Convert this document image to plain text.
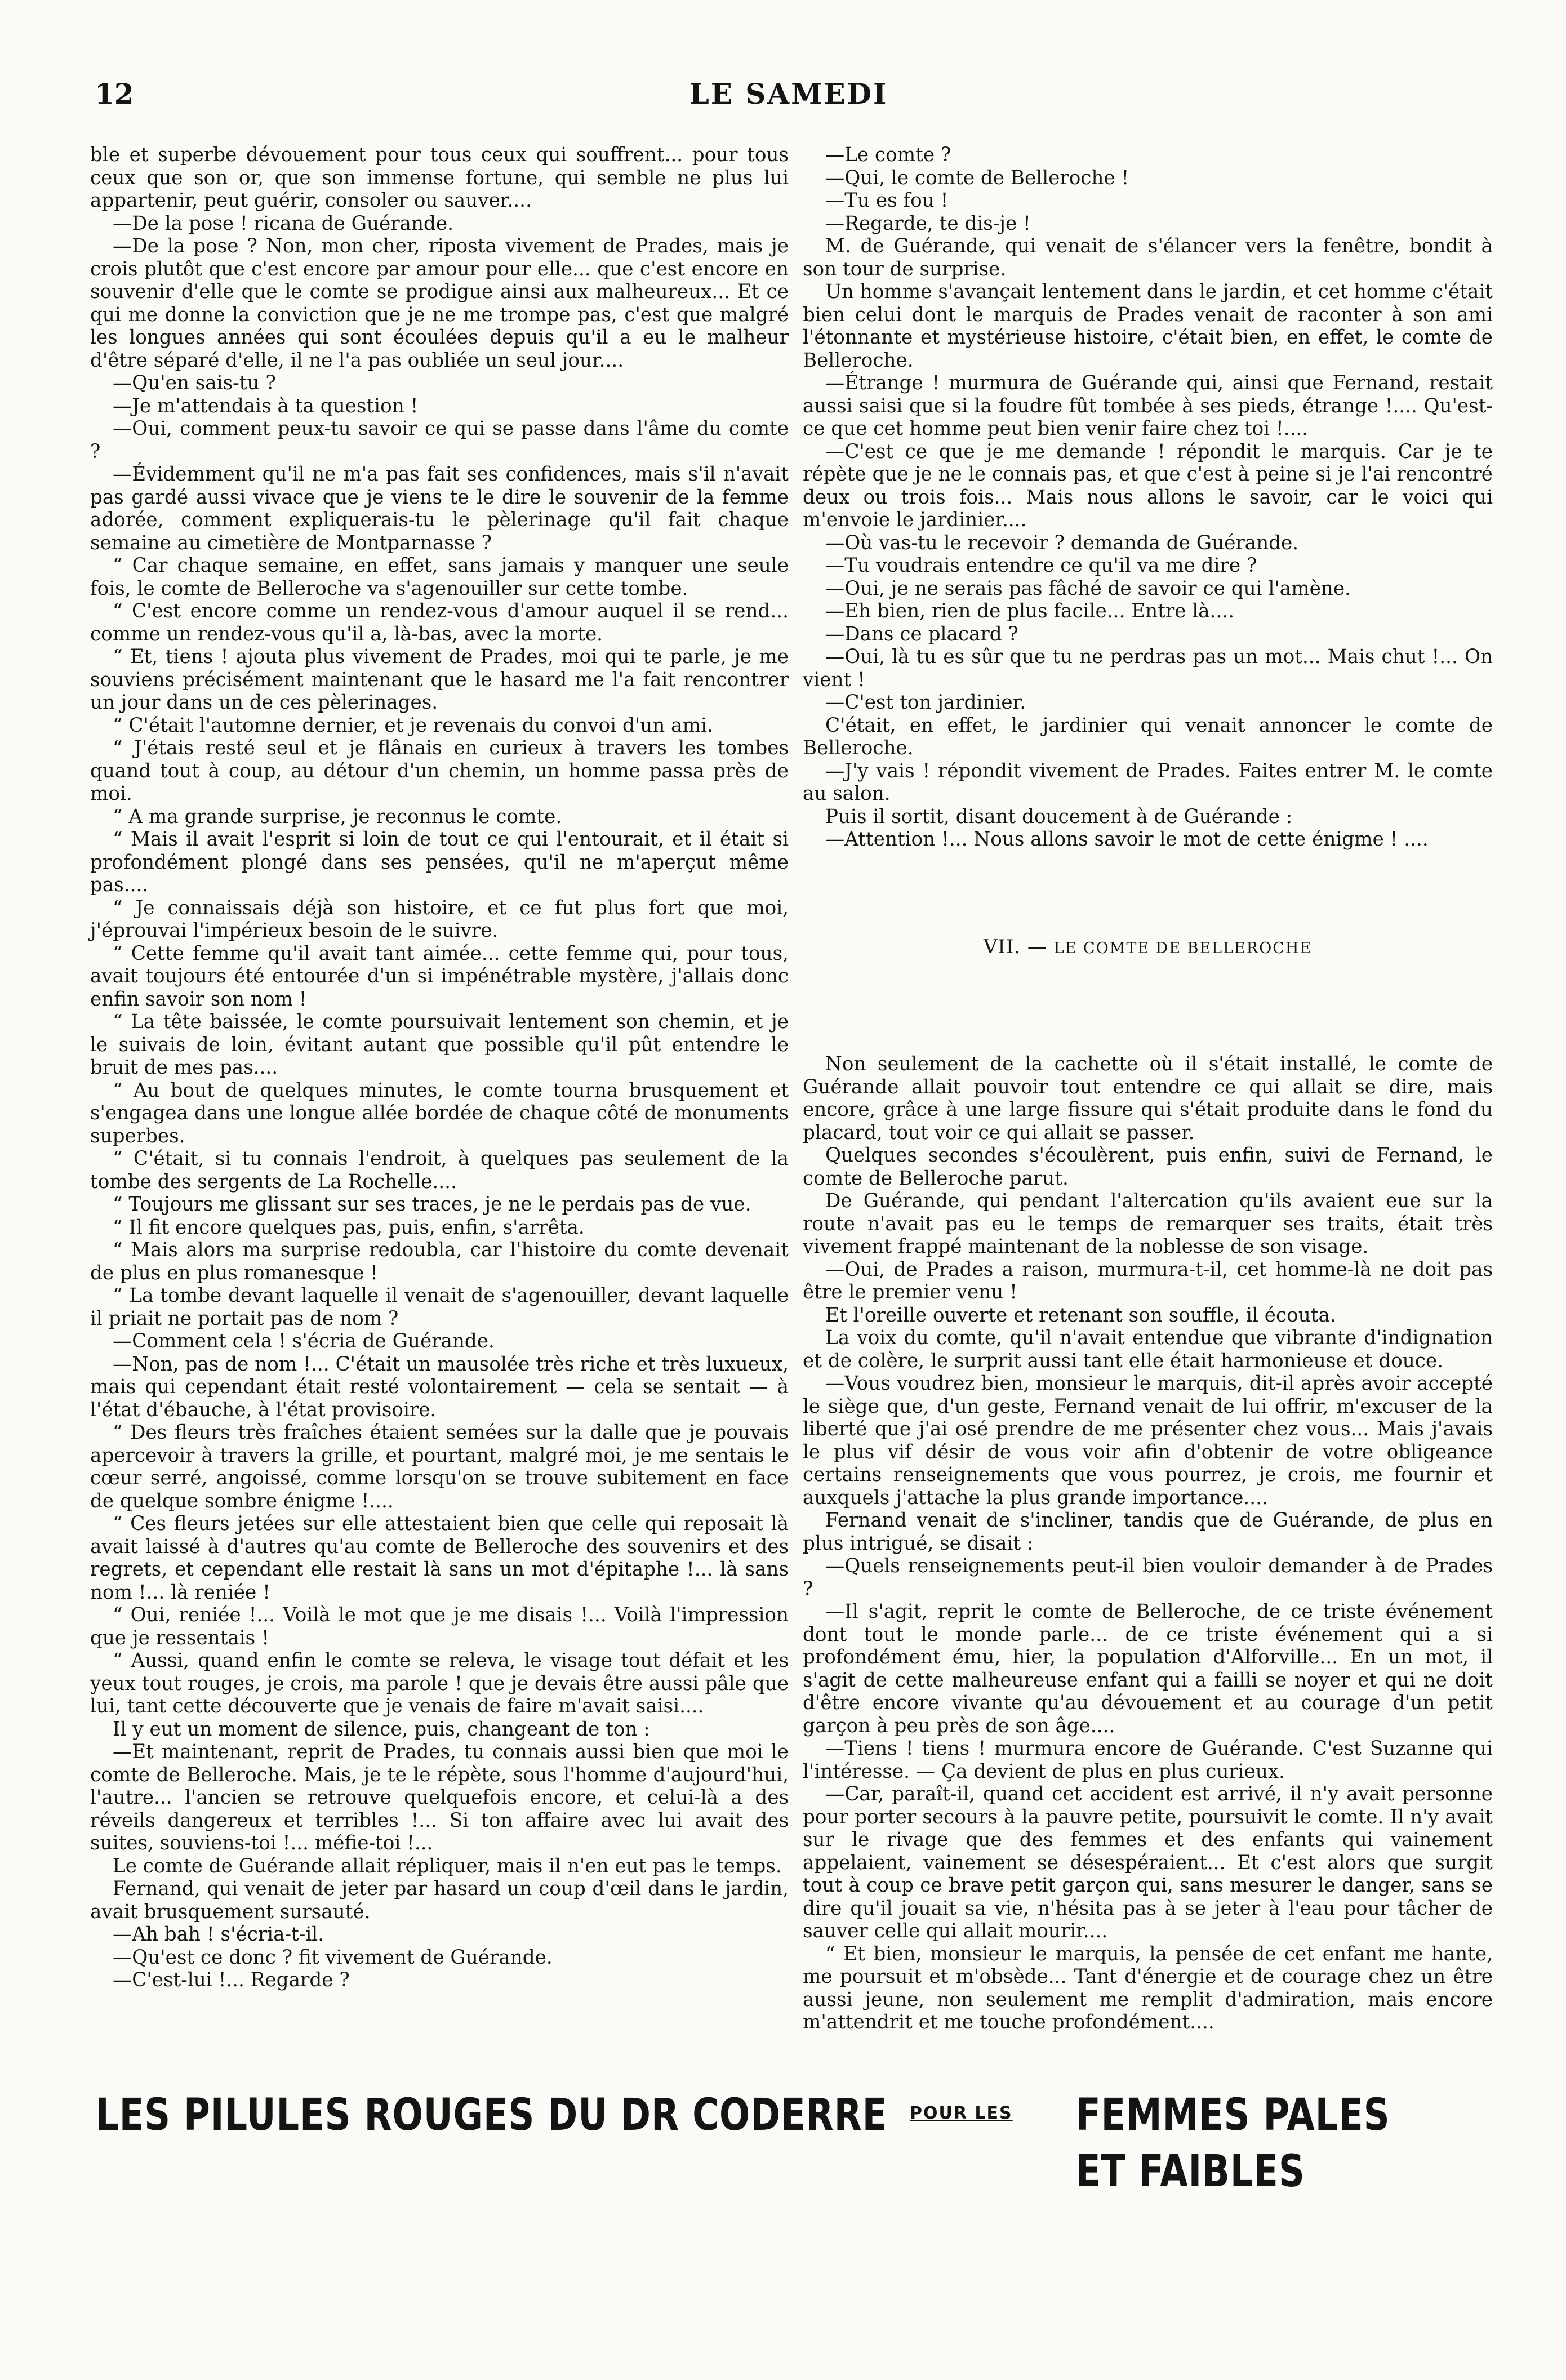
12	LE SAMEDI

ble et superbe dévouement pour tous ceux qui souffrent... pour tous ceux que son or, que son immense fortune, qui semble ne plus lui appartenir, peut guérir, consoler ou sauver....

—De la pose ! ricana de Guérande.

—De la pose ? Non, mon cher, riposta vivement de Prades, mais je crois plutôt que c'est encore par amour pour elle... que c'est encore en souvenir d'elle que le comte se prodigue ainsi aux malheureux... Et ce qui me donne la conviction que je ne me trompe pas, c'est que malgré les longues années qui sont écoulées depuis qu'il a eu le malheur d'être séparé d'elle, il ne l'a pas oubliée un seul jour....

—Qu'en sais-tu ?

—Je m'attendais à ta question !

—Oui, comment peux-tu savoir ce qui se passe dans l'âme du comte ?

—Évidemment qu'il ne m'a pas fait ses confidences, mais s'il n'avait pas gardé aussi vivace que je viens te le dire le souvenir de la femme adorée, comment expliquerais-tu le pèlerinage qu'il fait chaque semaine au cimetière de Montparnasse ?

“ Car chaque semaine, en effet, sans jamais y manquer une seule fois, le comte de Belleroche va s'agenouiller sur cette tombe.

“ C'est encore comme un rendez-vous d'amour auquel il se rend... comme un rendez-vous qu'il a, là-bas, avec la morte.

“ Et, tiens ! ajouta plus vivement de Prades, moi qui te parle, je me souviens précisément maintenant que le hasard me l'a fait rencontrer un jour dans un de ces pèlerinages.

“ C'était l'automne dernier, et je revenais du convoi d'un ami.

“ J'étais resté seul et je flânais en curieux à travers les tombes quand tout à coup, au détour d'un chemin, un homme passa près de moi.

“ A ma grande surprise, je reconnus le comte.

“ Mais il avait l'esprit si loin de tout ce qui l'entourait, et il était si profondément plongé dans ses pensées, qu'il ne m'aperçut même pas....

“ Je connaissais déjà son histoire, et ce fut plus fort que moi, j'éprouvai l'impérieux besoin de le suivre.

“ Cette femme qu'il avait tant aimée... cette femme qui, pour tous, avait toujours été entourée d'un si impénétrable mystère, j'allais donc enfin savoir son nom !

“ La tête baissée, le comte poursuivait lentement son chemin, et je le suivais de loin, évitant autant que possible qu'il pût entendre le bruit de mes pas....

“ Au bout de quelques minutes, le comte tourna brusquement et s'engagea dans une longue allée bordée de chaque côté de monuments superbes.

“ C'était, si tu connais l'endroit, à quelques pas seulement de la tombe des sergents de La Rochelle....

“ Toujours me glissant sur ses traces, je ne le perdais pas de vue.

“ Il fit encore quelques pas, puis, enfin, s'arrêta.

“ Mais alors ma surprise redoubla, car l'histoire du comte devenait de plus en plus romanesque !

“ La tombe devant laquelle il venait de s'agenouiller, devant laquelle il priait ne portait pas de nom ?

—Comment cela ! s'écria de Guérande.

—Non, pas de nom !... C'était un mausolée très riche et très luxueux, mais qui cependant était resté volontairement — cela se sentait — à l'état d'ébauche, à l'état provisoire.

“ Des fleurs très fraîches étaient semées sur la dalle que je pouvais apercevoir à travers la grille, et pourtant, malgré moi, je me sentais le cœur serré, angoissé, comme lorsqu'on se trouve subitement en face de quelque sombre énigme !....

“ Ces fleurs jetées sur elle attestaient bien que celle qui reposait là avait laissé à d'autres qu'au comte de Belleroche des souvenirs et des regrets, et cependant elle restait là sans un mot d'épitaphe !... là sans nom !... là reniée !

“ Oui, reniée !... Voilà le mot que je me disais !... Voilà l'impression que je ressentais !

“ Aussi, quand enfin le comte se releva, le visage tout défait et les yeux tout rouges, je crois, ma parole ! que je devais être aussi pâle que lui, tant cette découverte que je venais de faire m'avait saisi....

Il y eut un moment de silence, puis, changeant de ton :

—Et maintenant, reprit de Prades, tu connais aussi bien que moi le comte de Belleroche. Mais, je te le répète, sous l'homme d'aujourd'hui, l'autre... l'ancien se retrouve quelquefois encore, et celui-là a des réveils dangereux et terribles !... Si ton affaire avec lui avait des suites, souviens-toi !... méfie-toi !...

Le comte de Guérande allait répliquer, mais il n'en eut pas le temps.

Fernand, qui venait de jeter par hasard un coup d'œil dans le jardin, avait brusquement sursauté.

—Ah bah ! s'écria-t-il.

—Qu'est ce donc ? fit vivement de Guérande.

—C'est-lui !... Regarde ?

—Le comte ?

—Qui, le comte de Belleroche !

—Tu es fou !

—Regarde, te dis-je !

M. de Guérande, qui venait de s'élancer vers la fenêtre, bondit à son tour de surprise.

Un homme s'avançait lentement dans le jardin, et cet homme c'était bien celui dont le marquis de Prades venait de raconter à son ami l'étonnante et mystérieuse histoire, c'était bien, en effet, le comte de Belleroche.

—Étrange ! murmura de Guérande qui, ainsi que Fernand, restait aussi saisi que si la foudre fût tombée à ses pieds, étrange !.... Qu'est-ce que cet homme peut bien venir faire chez toi !....

—C'est ce que je me demande ! répondit le marquis. Car je te répète que je ne le connais pas, et que c'est à peine si je l'ai rencontré deux ou trois fois... Mais nous allons le savoir, car le voici qui m'envoie le jardinier....

—Où vas-tu le recevoir ? demanda de Guérande.

—Tu voudrais entendre ce qu'il va me dire ?

—Oui, je ne serais pas fâché de savoir ce qui l'amène.

—Eh bien, rien de plus facile... Entre là....

—Dans ce placard ?

—Oui, là tu es sûr que tu ne perdras pas un mot... Mais chut !... On vient !

—C'est ton jardinier.

C'était, en effet, le jardinier qui venait annoncer le comte de Belleroche.

—J'y vais ! répondit vivement de Prades. Faites entrer M. le comte au salon.

Puis il sortit, disant doucement à de Guérande :

—Attention !... Nous allons savoir le mot de cette énigme ! ....

VII. — LE COMTE DE BELLEROCHE

Non seulement de la cachette où il s'était installé, le comte de Guérande allait pouvoir tout entendre ce qui allait se dire, mais encore, grâce à une large fissure qui s'était produite dans le fond du placard, tout voir ce qui allait se passer.

Quelques secondes s'écoulèrent, puis enfin, suivi de Fernand, le comte de Belleroche parut.

De Guérande, qui pendant l'altercation qu'ils avaient eue sur la route n'avait pas eu le temps de remarquer ses traits, était très vivement frappé maintenant de la noblesse de son visage.

—Oui, de Prades a raison, murmura-t-il, cet homme-là ne doit pas être le premier venu !

Et l'oreille ouverte et retenant son souffle, il écouta.

La voix du comte, qu'il n'avait entendue que vibrante d'indignation et de colère, le surprit aussi tant elle était harmonieuse et douce.

—Vous voudrez bien, monsieur le marquis, dit-il après avoir accepté le siège que, d'un geste, Fernand venait de lui offrir, m'excuser de la liberté que j'ai osé prendre de me présenter chez vous... Mais j'avais le plus vif désir de vous voir afin d'obtenir de votre obligeance certains renseignements que vous pourrez, je crois, me fournir et auxquels j'attache la plus grande importance....

Fernand venait de s'incliner, tandis que de Guérande, de plus en plus intrigué, se disait :

—Quels renseignements peut-il bien vouloir demander à de Prades ?

—Il s'agit, reprit le comte de Belleroche, de ce triste événement dont tout le monde parle... de ce triste événement qui a si profondément ému, hier, la population d'Alforville... En un mot, il s'agit de cette malheureuse enfant qui a failli se noyer et qui ne doit d'être encore vivante qu'au dévouement et au courage d'un petit garçon à peu près de son âge....

—Tiens ! tiens ! murmura encore de Guérande. C'est Suzanne qui l'intéresse. — Ça devient de plus en plus curieux.

—Car, paraît-il, quand cet accident est arrivé, il n'y avait personne pour porter secours à la pauvre petite, poursuivit le comte. Il n'y avait sur le rivage que des femmes et des enfants qui vainement appelaient, vainement se désespéraient... Et c'est alors que surgit tout à coup ce brave petit garçon qui, sans mesurer le danger, sans se dire qu'il jouait sa vie, n'hésita pas à se jeter à l'eau pour tâcher de sauver celle qui allait mourir....

“ Et bien, monsieur le marquis, la pensée de cet enfant me hante, me poursuit et m'obsède... Tant d'énergie et de courage chez un être aussi jeune, non seulement me remplit d'admiration, mais encore m'attendrit et me touche profondément....

LES PILULES ROUGES DU DR CODERRE POUR LES FEMMES PALES ET FAIBLES
